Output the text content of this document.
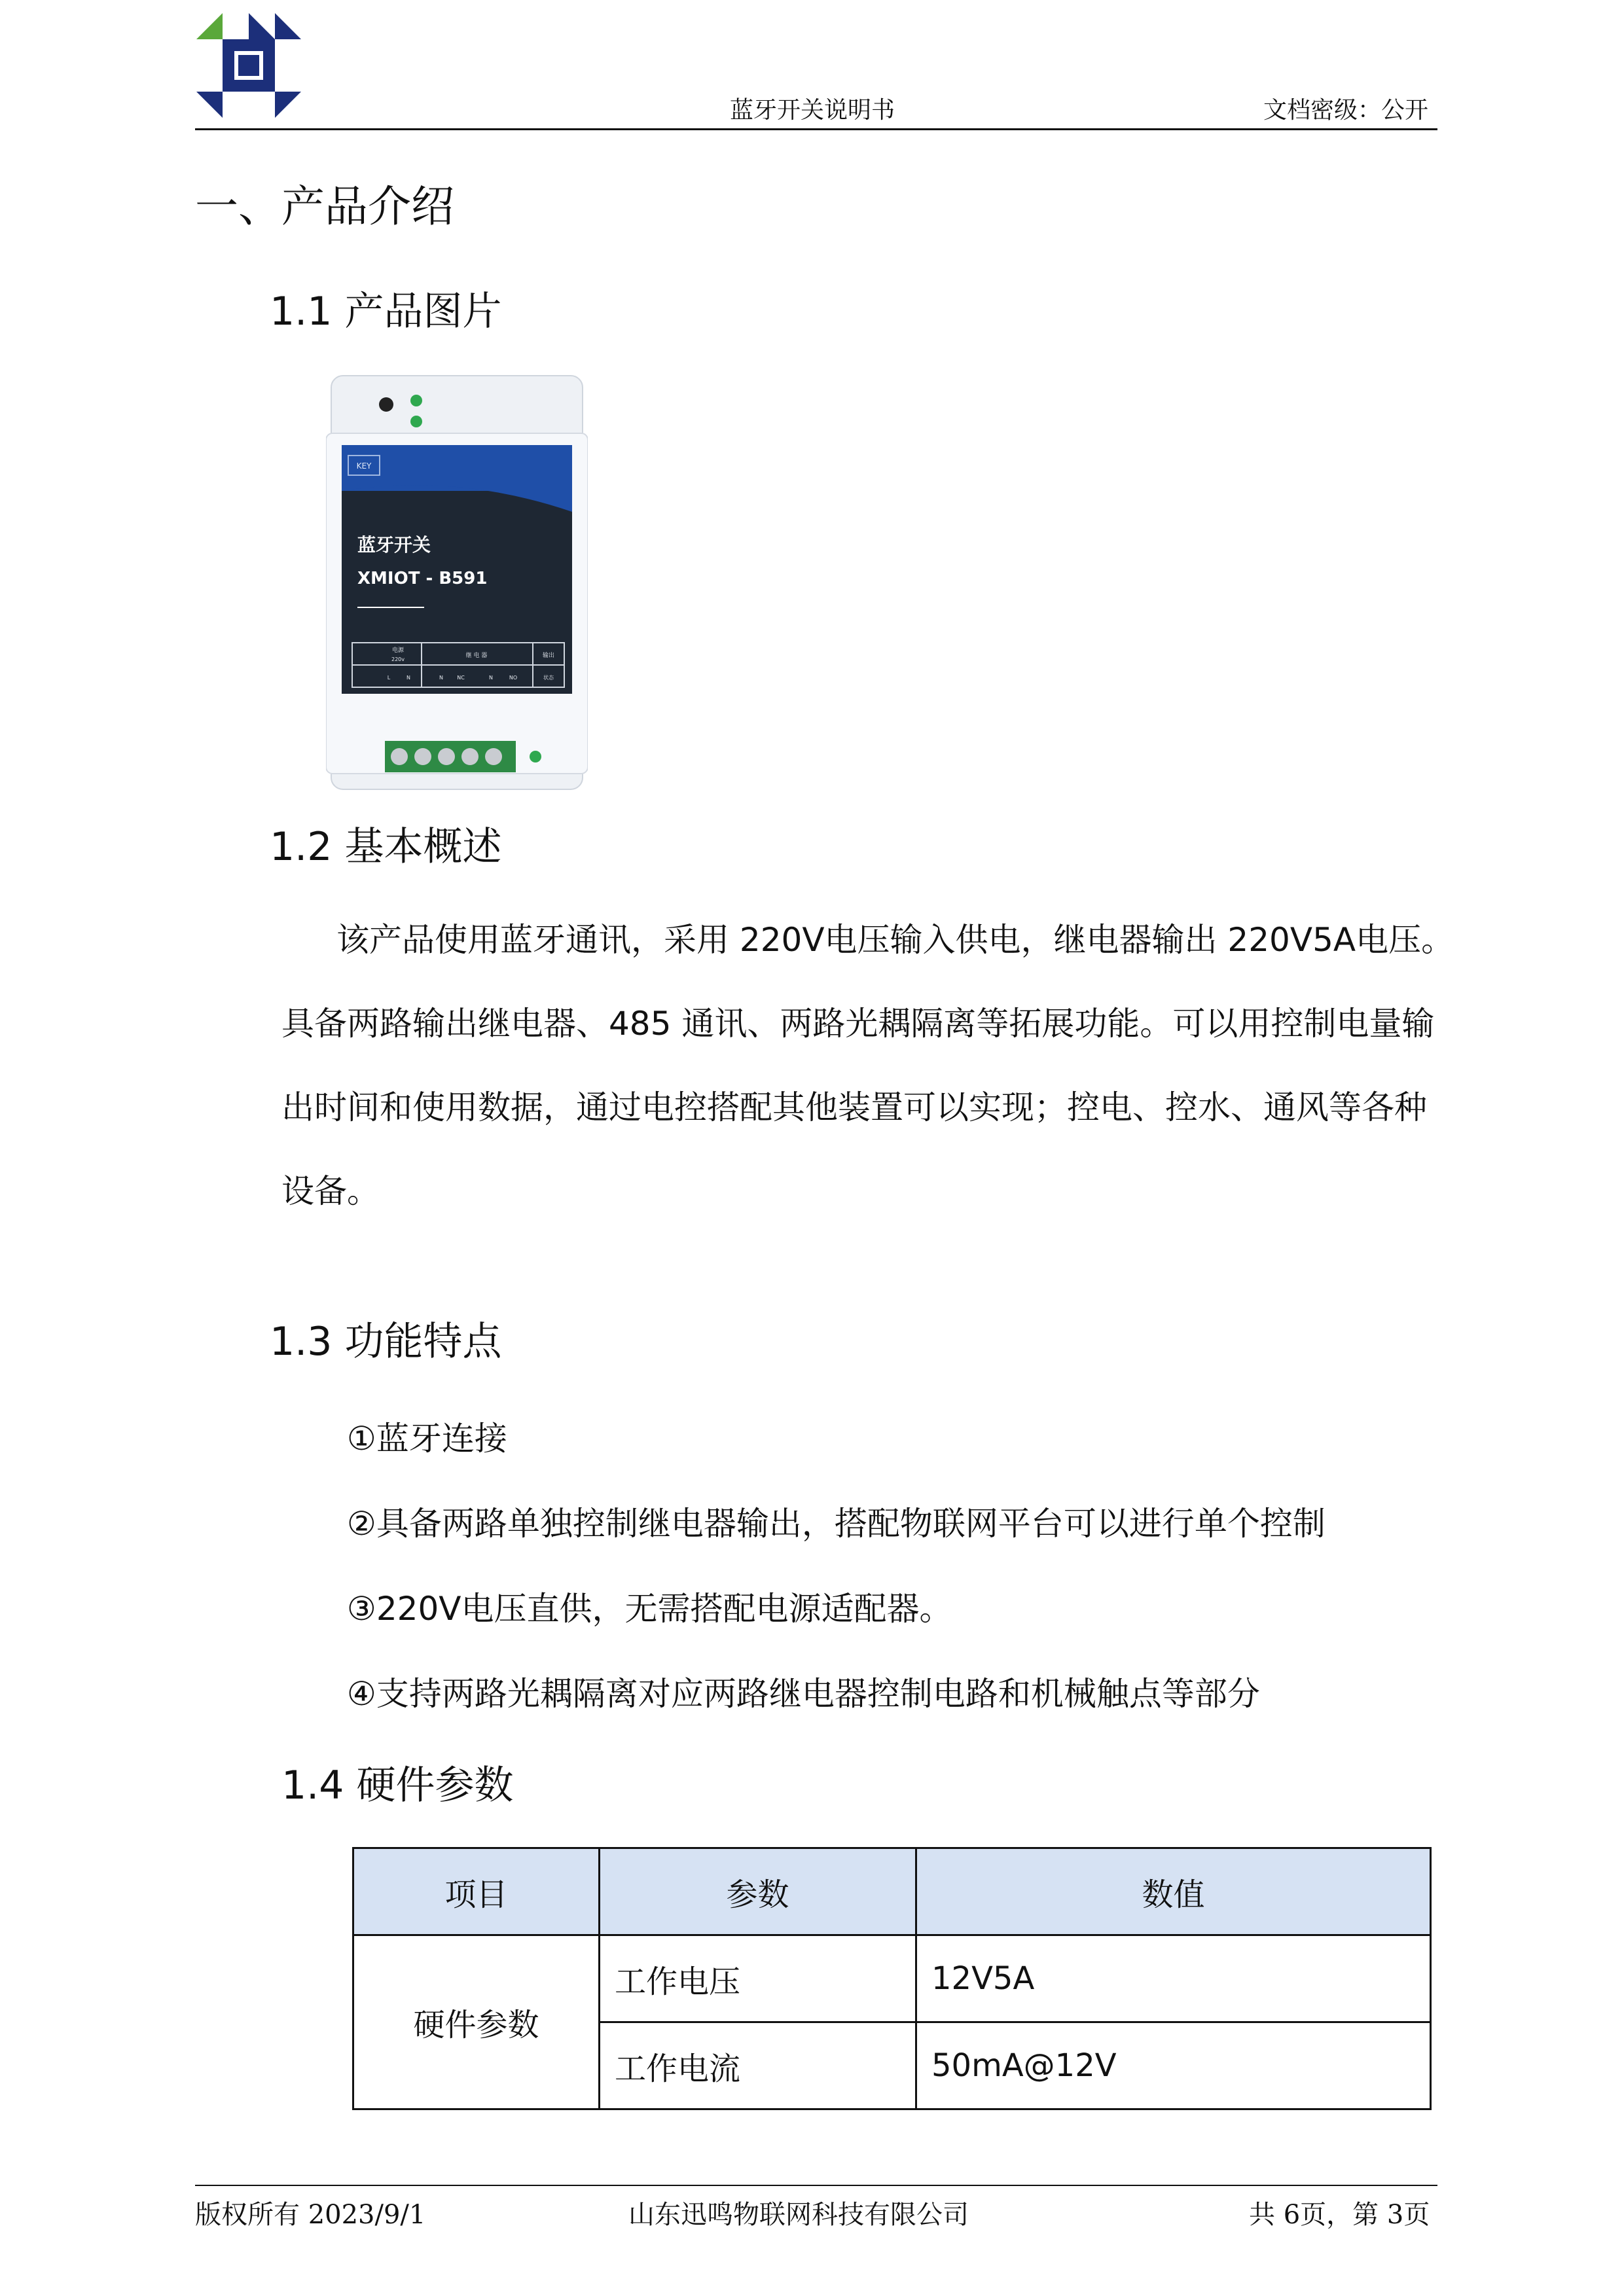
蓝牙开关说明书	文档密级：公开
一、产品介绍
1.1 产品图片
KEY
蓝牙开关
XMIOT - B591
电源
220v
继 电 器	输出
L	N	N	NC	N	NO	状态
1.2 基本概述
该产品使用蓝牙通讯，采用 220V电压输入供电，继电器输出 220V5A电压。
具备两路输出继电器、485 通讯、两路光耦隔离等拓展功能。可以用控制电量输
出时间和使用数据，通过电控搭配其他装置可以实现；控电、控水、通风等各种
设备。
1.3 功能特点
①蓝牙连接
②具备两路单独控制继电器输出，搭配物联网平台可以进行单个控制
③220V电压直供，无需搭配电源适配器。
④支持两路光耦隔离对应两路继电器控制电路和机械触点等部分
1.4 硬件参数
项目	参数	数值
硬件参数	工作电压	12V5A
	工作电流	50mA@12V
版权所有 2023/9/1	山东迅鸣物联网科技有限公司	共 6页，第 3页
